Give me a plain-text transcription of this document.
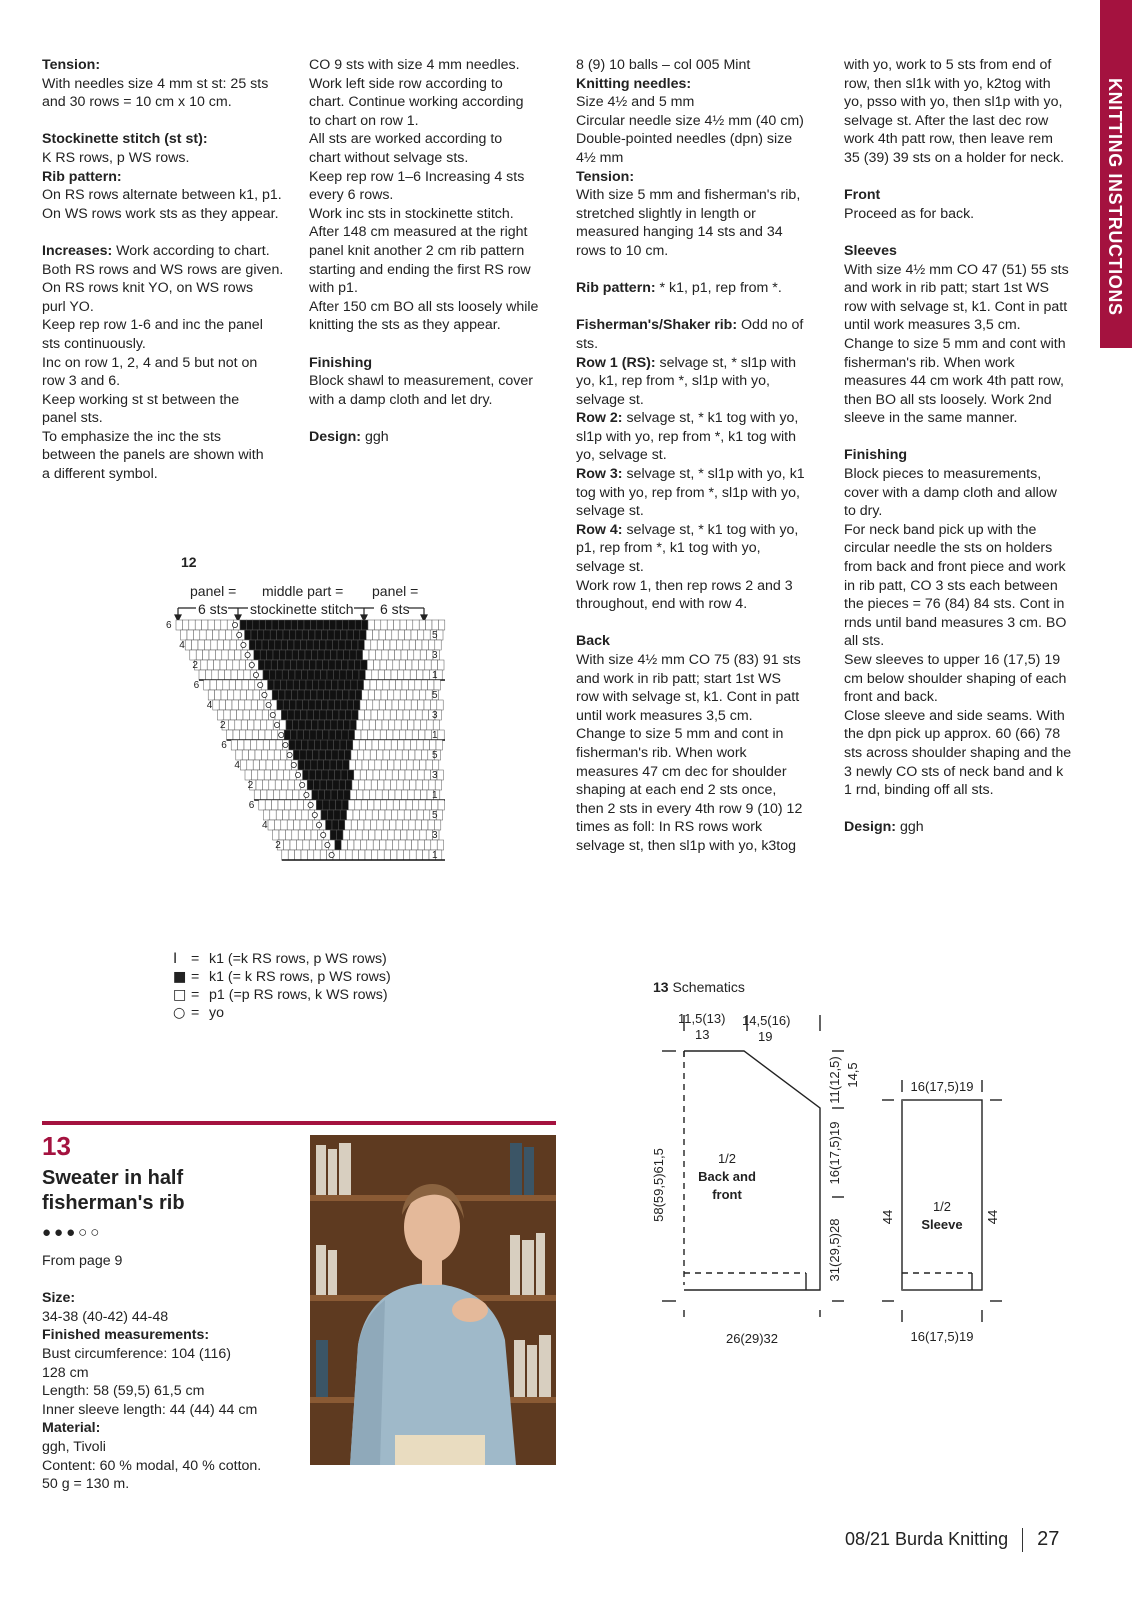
KNITTING INSTRUCTIONS

Tension:

With needles size 4 mm st st: 25 sts

and 30 rows = 10 cm x 10 cm.

Stockinette stitch (st st):

K RS rows, p WS rows.

Rib pattern:

On RS rows alternate between k1, p1.

On WS rows work sts as they appear.

Increases: Work according to chart.

Both RS rows and WS rows are given.

On RS rows knit YO, on WS rows

purl YO.

Keep rep row 1-6 and inc the panel

sts continuously.

Inc on row 1, 2, 4 and 5 but not on

row 3 and 6.

Keep working st st between the

panel sts.

To emphasize the inc the sts

between the panels are shown with

a different symbol.

CO 9 sts with size 4 mm needles.

Work left side row according to

chart. Continue working according

to chart on row 1.

All sts are worked according to

chart without selvage sts.

Keep rep row 1–6 Increasing 4 sts

every 6 rows.

Work inc sts in stockinette stitch.

After 148 cm measured at the right

panel knit another 2 cm rib pattern

starting and ending the first RS row

with p1.

After 150 cm BO all sts loosely while

knitting the sts as they appear.

Finishing

Block shawl to measurement, cover

with a damp cloth and let dry.

Design: ggh

8 (9) 10 balls – col 005 Mint

Knitting needles:

Size 4½ and 5 mm

Circular needle size 4½ mm (40 cm)

Double-pointed needles (dpn) size

4½ mm

Tension:

With size 5 mm and fisherman's rib,

stretched slightly in length or

measured hanging 14 sts and 34

rows to 10 cm.

Rib pattern: * k1, p1, rep from *.

Fisherman's/Shaker rib: Odd no of

sts.

Row 1 (RS): selvage st, * sl1p with

yo, k1, rep from *, sl1p with yo,

selvage st.

Row 2: selvage st, * k1 tog with yo,

sl1p with yo, rep from *, k1 tog with

yo, selvage st.

Row 3: selvage st, * sl1p with yo, k1

tog with yo, rep from *, sl1p with yo,

selvage st.

Row 4: selvage st, * k1 tog with yo,

p1, rep from *, k1 tog with yo,

selvage st.

Work row 1, then rep rows 2 and 3

throughout, end with row 4.

Back

With size 4½ mm CO 75 (83) 91 sts

and work in rib patt; start 1st WS

row with selvage st, k1. Cont in patt

until work measures 3,5 cm.

Change to size 5 mm and cont in

fisherman's rib. When work

measures 47 cm dec for shoulder

shaping at each end 2 sts once,

then 2 sts in every 4th row 9 (10) 12

times as foll: In RS rows work

selvage st, then sl1p with yo, k3tog

with yo, work to 5 sts from end of

row, then sl1k with yo, k2tog with

yo, psso with yo, then sl1p with yo,

selvage st. After the last dec row

work 4th patt row, then leave rem

35 (39) 39 sts on a holder for neck.

Front

Proceed as for back.

Sleeves

With size 4½ mm CO 47 (51) 55 sts

and work in rib patt; start 1st WS

row with selvage st, k1. Cont in patt

until work measures 3,5 cm.

Change to size 5 mm and cont with

fisherman's rib. When work

measures 44 cm work 4th patt row,

then BO all sts loosely. Work 2nd

sleeve in the same manner.

Finishing

Block pieces to measurements,

cover with a damp cloth and allow

to dry.

For neck band pick up with the

circular needle the sts on holders

from back and front piece and work

in rib patt, CO 3 sts each between

the pieces = 76 (84) 84 sts. Cont in

rnds until band measures 3 cm. BO

all sts.

Sew sleeves to upper 16 (17,5) 19

cm below shoulder shaping of each

front and back.

Close sleeve and side seams. With

the dpn pick up approx. 60 (66) 78

sts across shoulder shaping and the

3 newly CO sts of neck band and k

1 rnd, binding off all sts.

Design: ggh

12
panel =
6 sts
middle part =
stockinette stitch
panel =
6 sts
6
5
4
3
2
1
6
5
4
3
2
1
6
5
4
3
2
1
6
5
4
3
2
1
I = k1 (=k RS rows, p WS rows)
■ = k1 (= k RS rows, p WS rows)
□ = p1 (=p RS rows, k WS rows)
○ = yo
13 Schematics
11,5(13)
13
14,5(16)
19
1/2
Back and
front
58(59,5)61,5
11(12,5) 14,5
16(17,5)19
31(29,5)28
26(29)32
16(17,5)19
1/2
Sleeve
44	44
16(17,5)19
13
Sweater in half
fisherman's rib
●●●○○

From page 9

Size:

34-38 (40-42) 44-48

Finished measurements:

Bust circumference: 104 (116)

128 cm

Length: 58 (59,5) 61,5 cm

Inner sleeve length: 44 (44) 44 cm

Material:

ggh, Tivoli

Content: 60 % modal, 40 % cotton.

50 g = 130 m.

08/21 Burda Knitting 27
